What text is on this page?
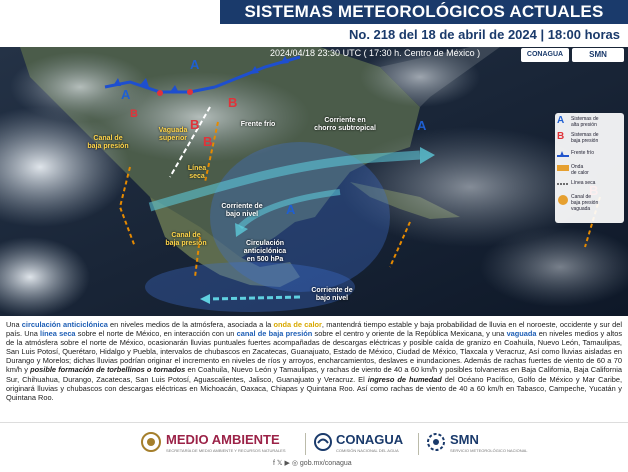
SISTEMAS METEOROLÓGICOS ACTUALES
No. 218 del 18 de abril de 2024 | 18:00 horas
A
A
B
B
B
B
A
A
Frente frío
Canal de
baja presión
Vaguada
superior
Línea
seca
Corriente en
chorro subtropical
Corriente de
bajo nivel
Canal de
baja presión	Circulación
anticiclónica
en 500 hPa
Corriente de
bajo nivel
A	Sistemas de
alta presión
B	Sistemas de
baja presión
Frente frío
Onda
de calor
Línea seca
Canal de
baja presión
vaguada
2024/04/18 23:30 UTC ( 17:30 h. Centro de México )	CONAGUA	SMN
Una circulación anticiclónica en niveles medios de la atmósfera, asociada a la onda de calor, mantendrá tiempo estable y baja probabilidad de lluvia en el noroeste, occidente y sur del país. Una línea seca sobre el norte de México, en interacción con un canal de baja presión sobre el centro y oriente de la República Mexicana, y una vaguada en niveles medios y altos de la atmósfera sobre el norte de México, ocasionarán lluvias puntuales fuertes acompañadas de descargas eléctricas y posible caída de granizo en Coahuila, Nuevo León, Tamaulipas, San Luis Potosí, Querétaro, Hidalgo y Puebla, intervalos de chubascos en Zacatecas, Guanajuato, Estado de México, Ciudad de México, Tlaxcala y Veracruz, Así como lluvias aisladas en Durango y Morelos; dichas lluvias podrían originar el incremento en niveles de ríos y arroyos, encharcamientos, deslaves e inundaciones. Además de rachas fuertes de viento de 60 a 70 km/h y posible formación de torbellinos o tornados en Coahuila, Nuevo León y Tamaulipas, y rachas de viento de 40 a 60 km/h y posibles tolvaneras en Baja California, Baja California Sur, Chihuahua, Durango, Zacatecas, San Luis Potosí, Aguascalientes, Jalisco, Guanajuato y Veracruz. El ingreso de humedad del Océano Pacífico, Golfo de México y Mar Caribe, originará lluvias y chubascos con descargas eléctricas en Michoacán, Oaxaca, Chiapas y Quintana Roo. Así como rachas de viento de 40 a 60 km/h en Tabasco, Campeche, Yucatán y Quintana Roo.
MEDIO AMBIENTE
SECRETARÍA DE MEDIO AMBIENTE Y RECURSOS NATURALES
CONAGUA
COMISIÓN NACIONAL DEL AGUA
SMN
SERVICIO METEOROLÓGICO NACIONAL
f 𝕏 ▶ ◎ gob.mx/conagua
